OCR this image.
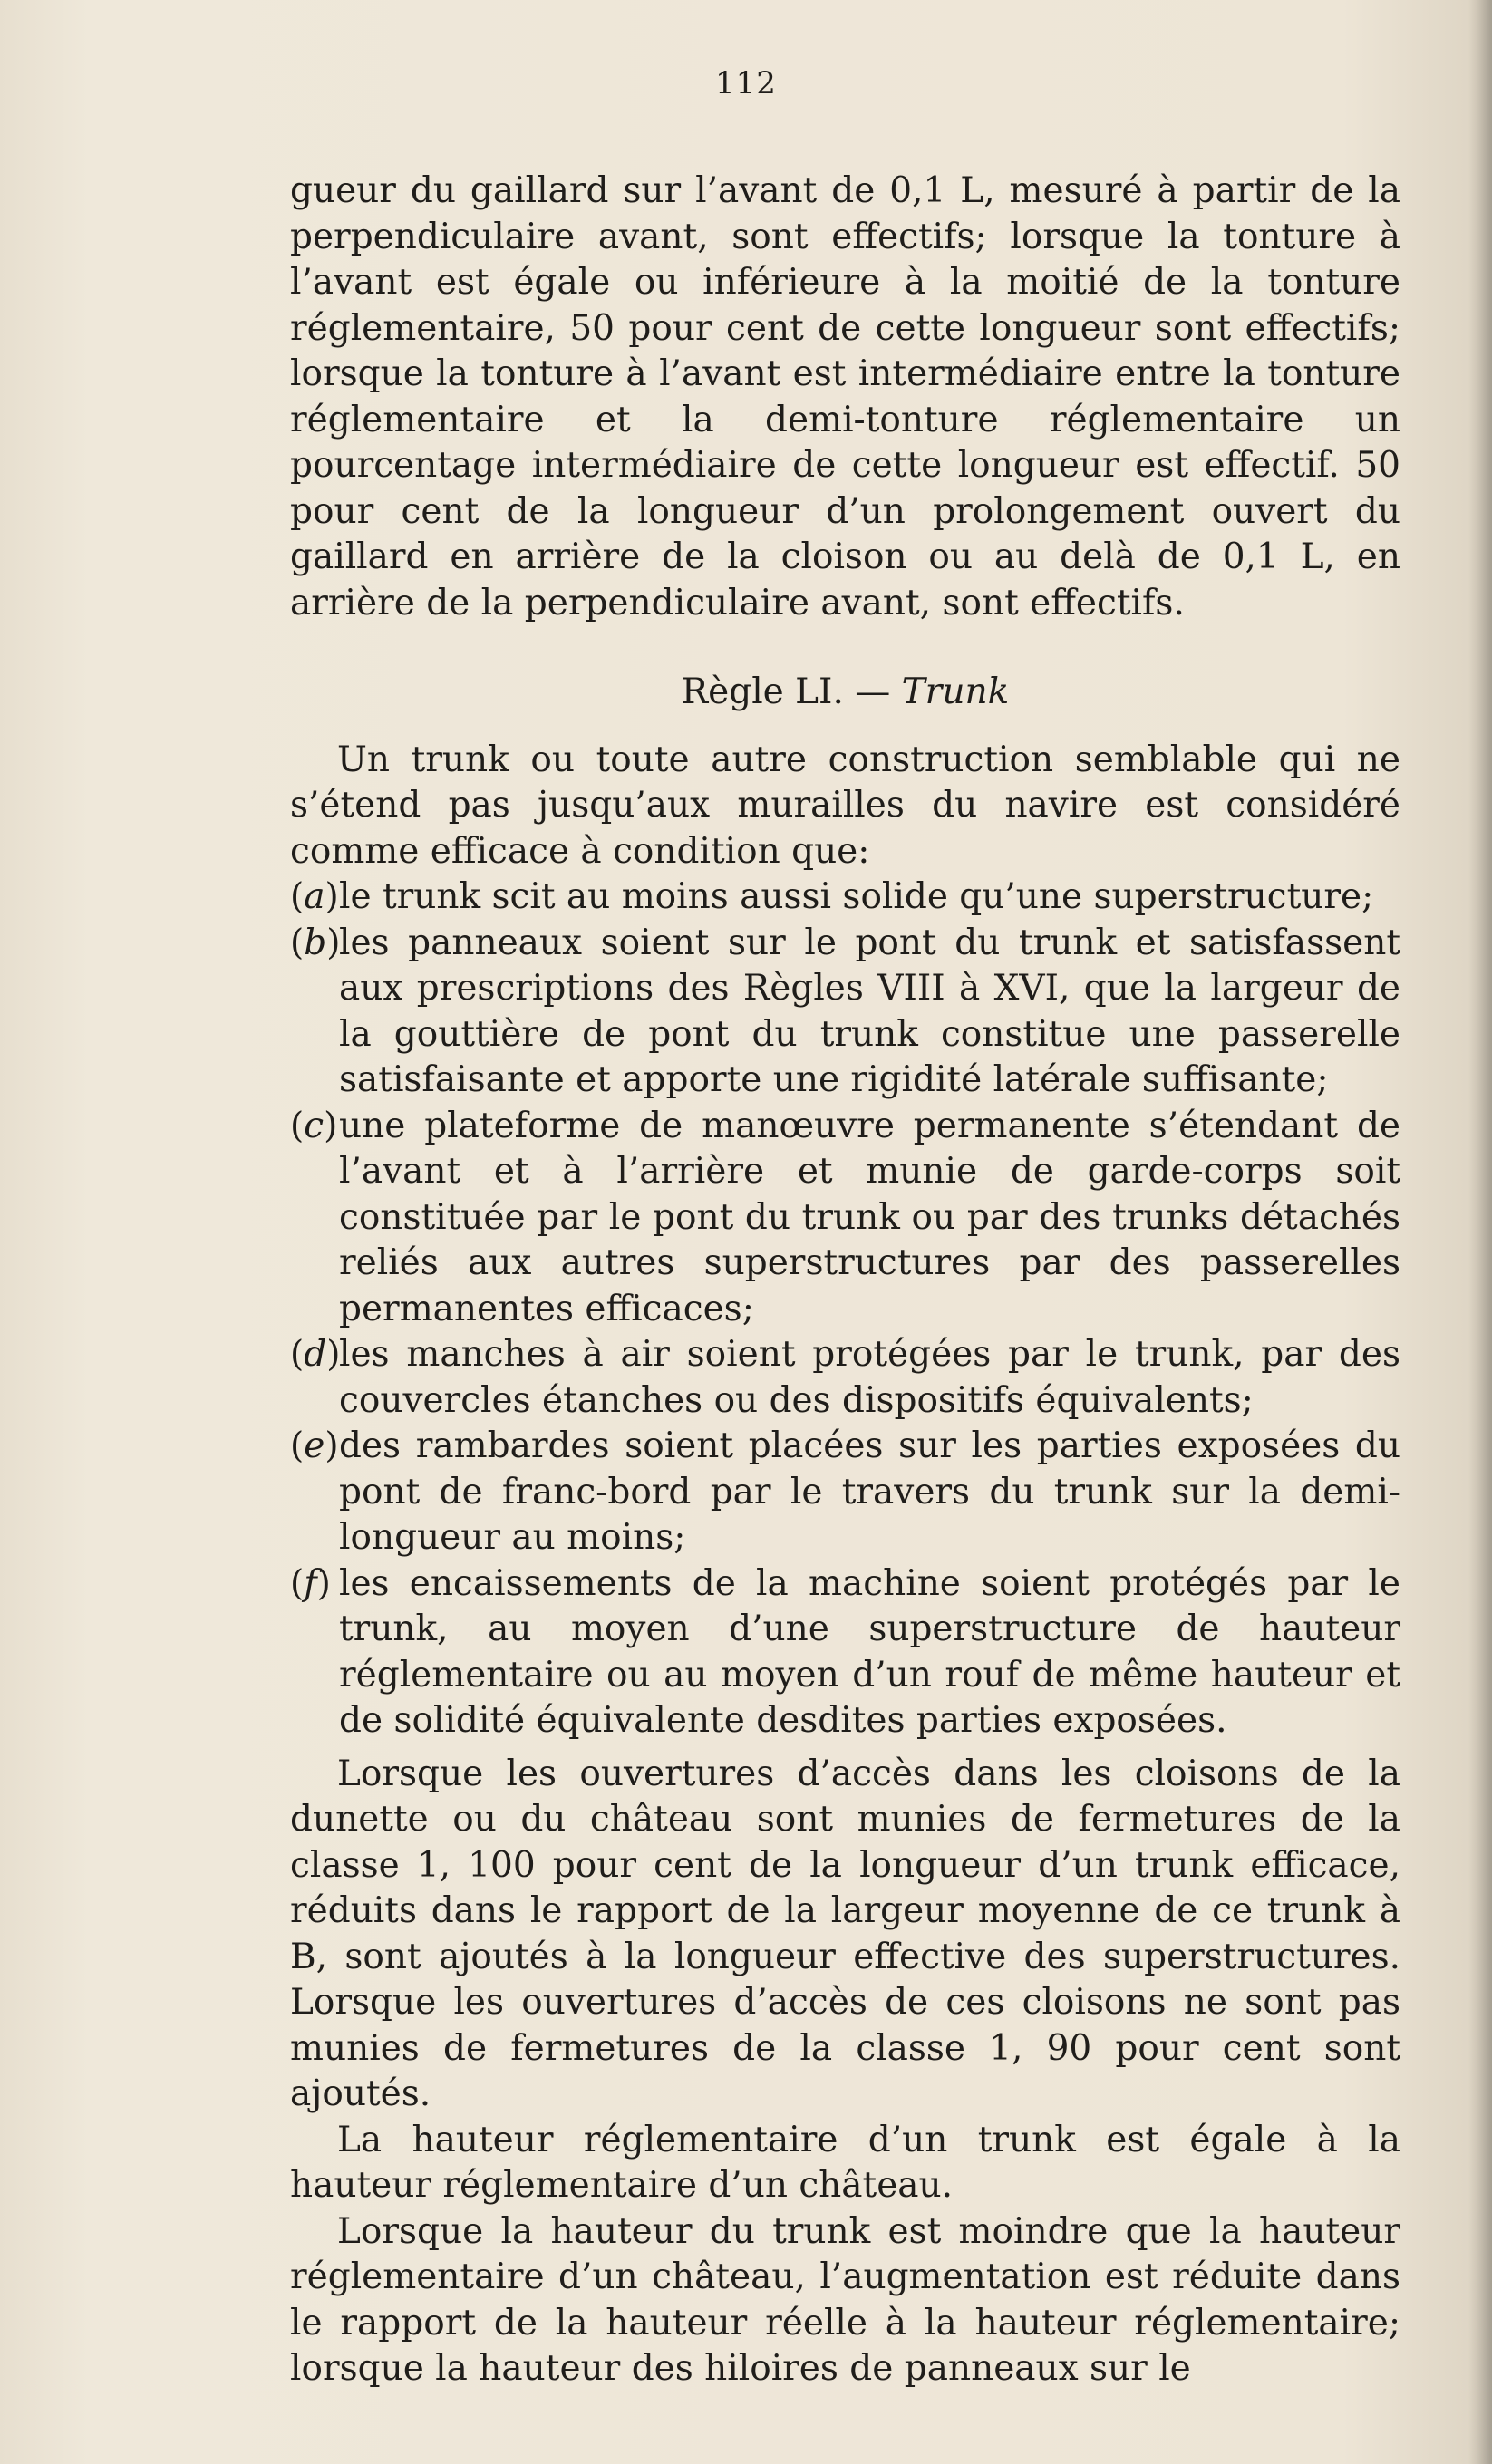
112

gueur du gaillard sur l’avant de 0,1 L, mesuré à partir de la perpendiculaire avant, sont effectifs; lorsque la tonture à l’avant est égale ou inférieure à la moitié de la tonture réglementaire, 50 pour cent de cette longueur sont effectifs; lorsque la tonture à l’avant est intermédiaire entre la tonture réglementaire et la demi-tonture réglementaire un pourcentage intermédiaire de cette longueur est effectif. 50 pour cent de la longueur d’un prolongement ouvert du gaillard en arrière de la cloison ou au delà de 0,1 L, en arrière de la perpendiculaire avant, sont effectifs.

Règle LI. — Trunk

Un trunk ou toute autre construction semblable qui ne s’étend pas jusqu’aux murailles du navire est considéré comme efficace à condition que:

(a) le trunk scit au moins aussi solide qu’une superstructure;
(b)
les panneaux soient sur le pont du trunk et satisfassent aux prescriptions des Règles VIII à XVI, que la largeur de la gouttière de pont du trunk constitue une passerelle satisfaisante et apporte une rigidité latérale suffisante;
(c) une plateforme de manœuvre permanente s’étendant de l’avant et à l’arrière et munie de garde-corps soit constituée par le pont du trunk ou par des trunks détachés reliés aux autres superstructures par des passerelles permanentes efficaces;
(d)
les manches à air soient protégées par le trunk, par des couvercles étanches ou des dispositifs équivalents;
(e) des rambardes soient placées sur les parties exposées du pont de franc-bord par le travers du trunk sur la demi-longueur au moins;
(f) les encaissements de la machine soient protégés par le trunk, au moyen d’une superstructure de hauteur réglementaire ou au moyen d’un rouf de même hauteur et de solidité équivalente desdites parties exposées.

Lorsque les ouvertures d’accès dans les cloisons de la dunette ou du château sont munies de fermetures de la classe 1, 100 pour cent de la longueur d’un trunk efficace, réduits dans le rapport de la largeur moyenne de ce trunk à B, sont ajoutés à la longueur effective des superstructures. Lorsque les ouvertures d’accès de ces cloisons ne sont pas munies de fermetures de la classe 1, 90 pour cent sont ajoutés.

La hauteur réglementaire d’un trunk est égale à la hauteur réglementaire d’un château.

Lorsque la hauteur du trunk est moindre que la hauteur réglementaire d’un château, l’augmentation est réduite dans le rapport de la hauteur réelle à la hauteur réglementaire; lorsque la hauteur des hiloires de panneaux sur le
